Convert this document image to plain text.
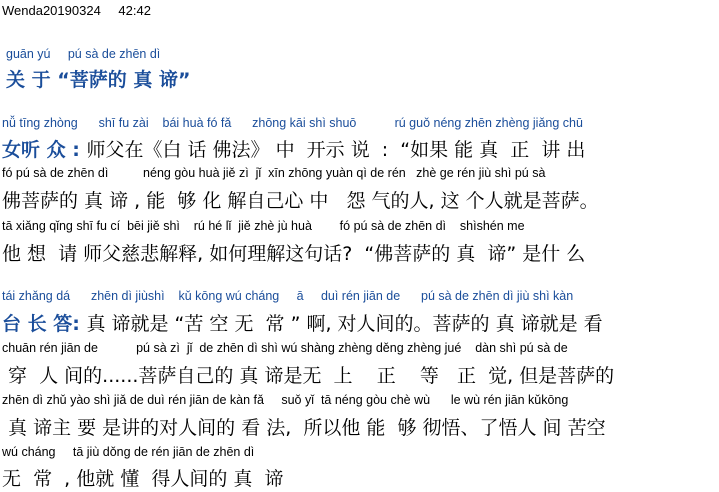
Wenda20190324 42:42
guān yú     pú sà de zhēn dì
关 于 “菩萨的 真 谛”
nǚ tīng zhòng      shī fu zài    bái huà fó fǎ      zhōng kāi shì shuō           rú guǒ néng zhēn zhèng jiǎng chū
女听 众 : 师父在《白 话 佛法》 中  开示 说  :  “如果 能 真  正  讲 出
fó pú sà de zhēn dì          néng gòu huà jiě zì  jǐ  xīn zhōng yuàn qì de rén   zhè ge rén jiù shì pú sà
佛菩萨的 真 谛 , 能  够 化 解自己心 中   怨 气的人, 这 个人就是菩萨。
tā xiǎng qǐng shī fu cí  bēi jiě shì    rú hé lǐ  jiě zhè jù huà        fó pú sà de zhēn dì    shìshén me
他 想  请 师父慈悲解释, 如何理解这句话?  “佛菩萨的 真  谛” 是什 么
tái zhǎng dá      zhēn dì jiùshì    kǔ kōng wú cháng     ā     duì rén jiān de      pú sà de zhēn dì jiù shì kàn
台 长 答: 真 谛就是 “苦 空 无  常 ” 啊, 对人间的。菩萨的 真 谛就是 看
chuān rén jiān de           pú sà zì  jǐ  de zhēn dì shì wú shàng zhèng děng zhèng jué    dàn shì pú sà de
穿  人 间的......菩萨自己的 真 谛是无  上    正    等   正  觉, 但是菩萨的
zhēn dì zhǔ yào shì jiǎ de duì rén jiān de kàn fǎ     suǒ yǐ  tā néng gòu chè wù      le wù rén jiān kǔkōng
真 谛主 要 是讲的对人间的 看 法,  所以他 能  够 彻悟、了悟人 间 苦空
wú cháng     tā jiù dǒng de rén jiān de zhēn dì
无  常  , 他就 懂  得人间的 真  谛
